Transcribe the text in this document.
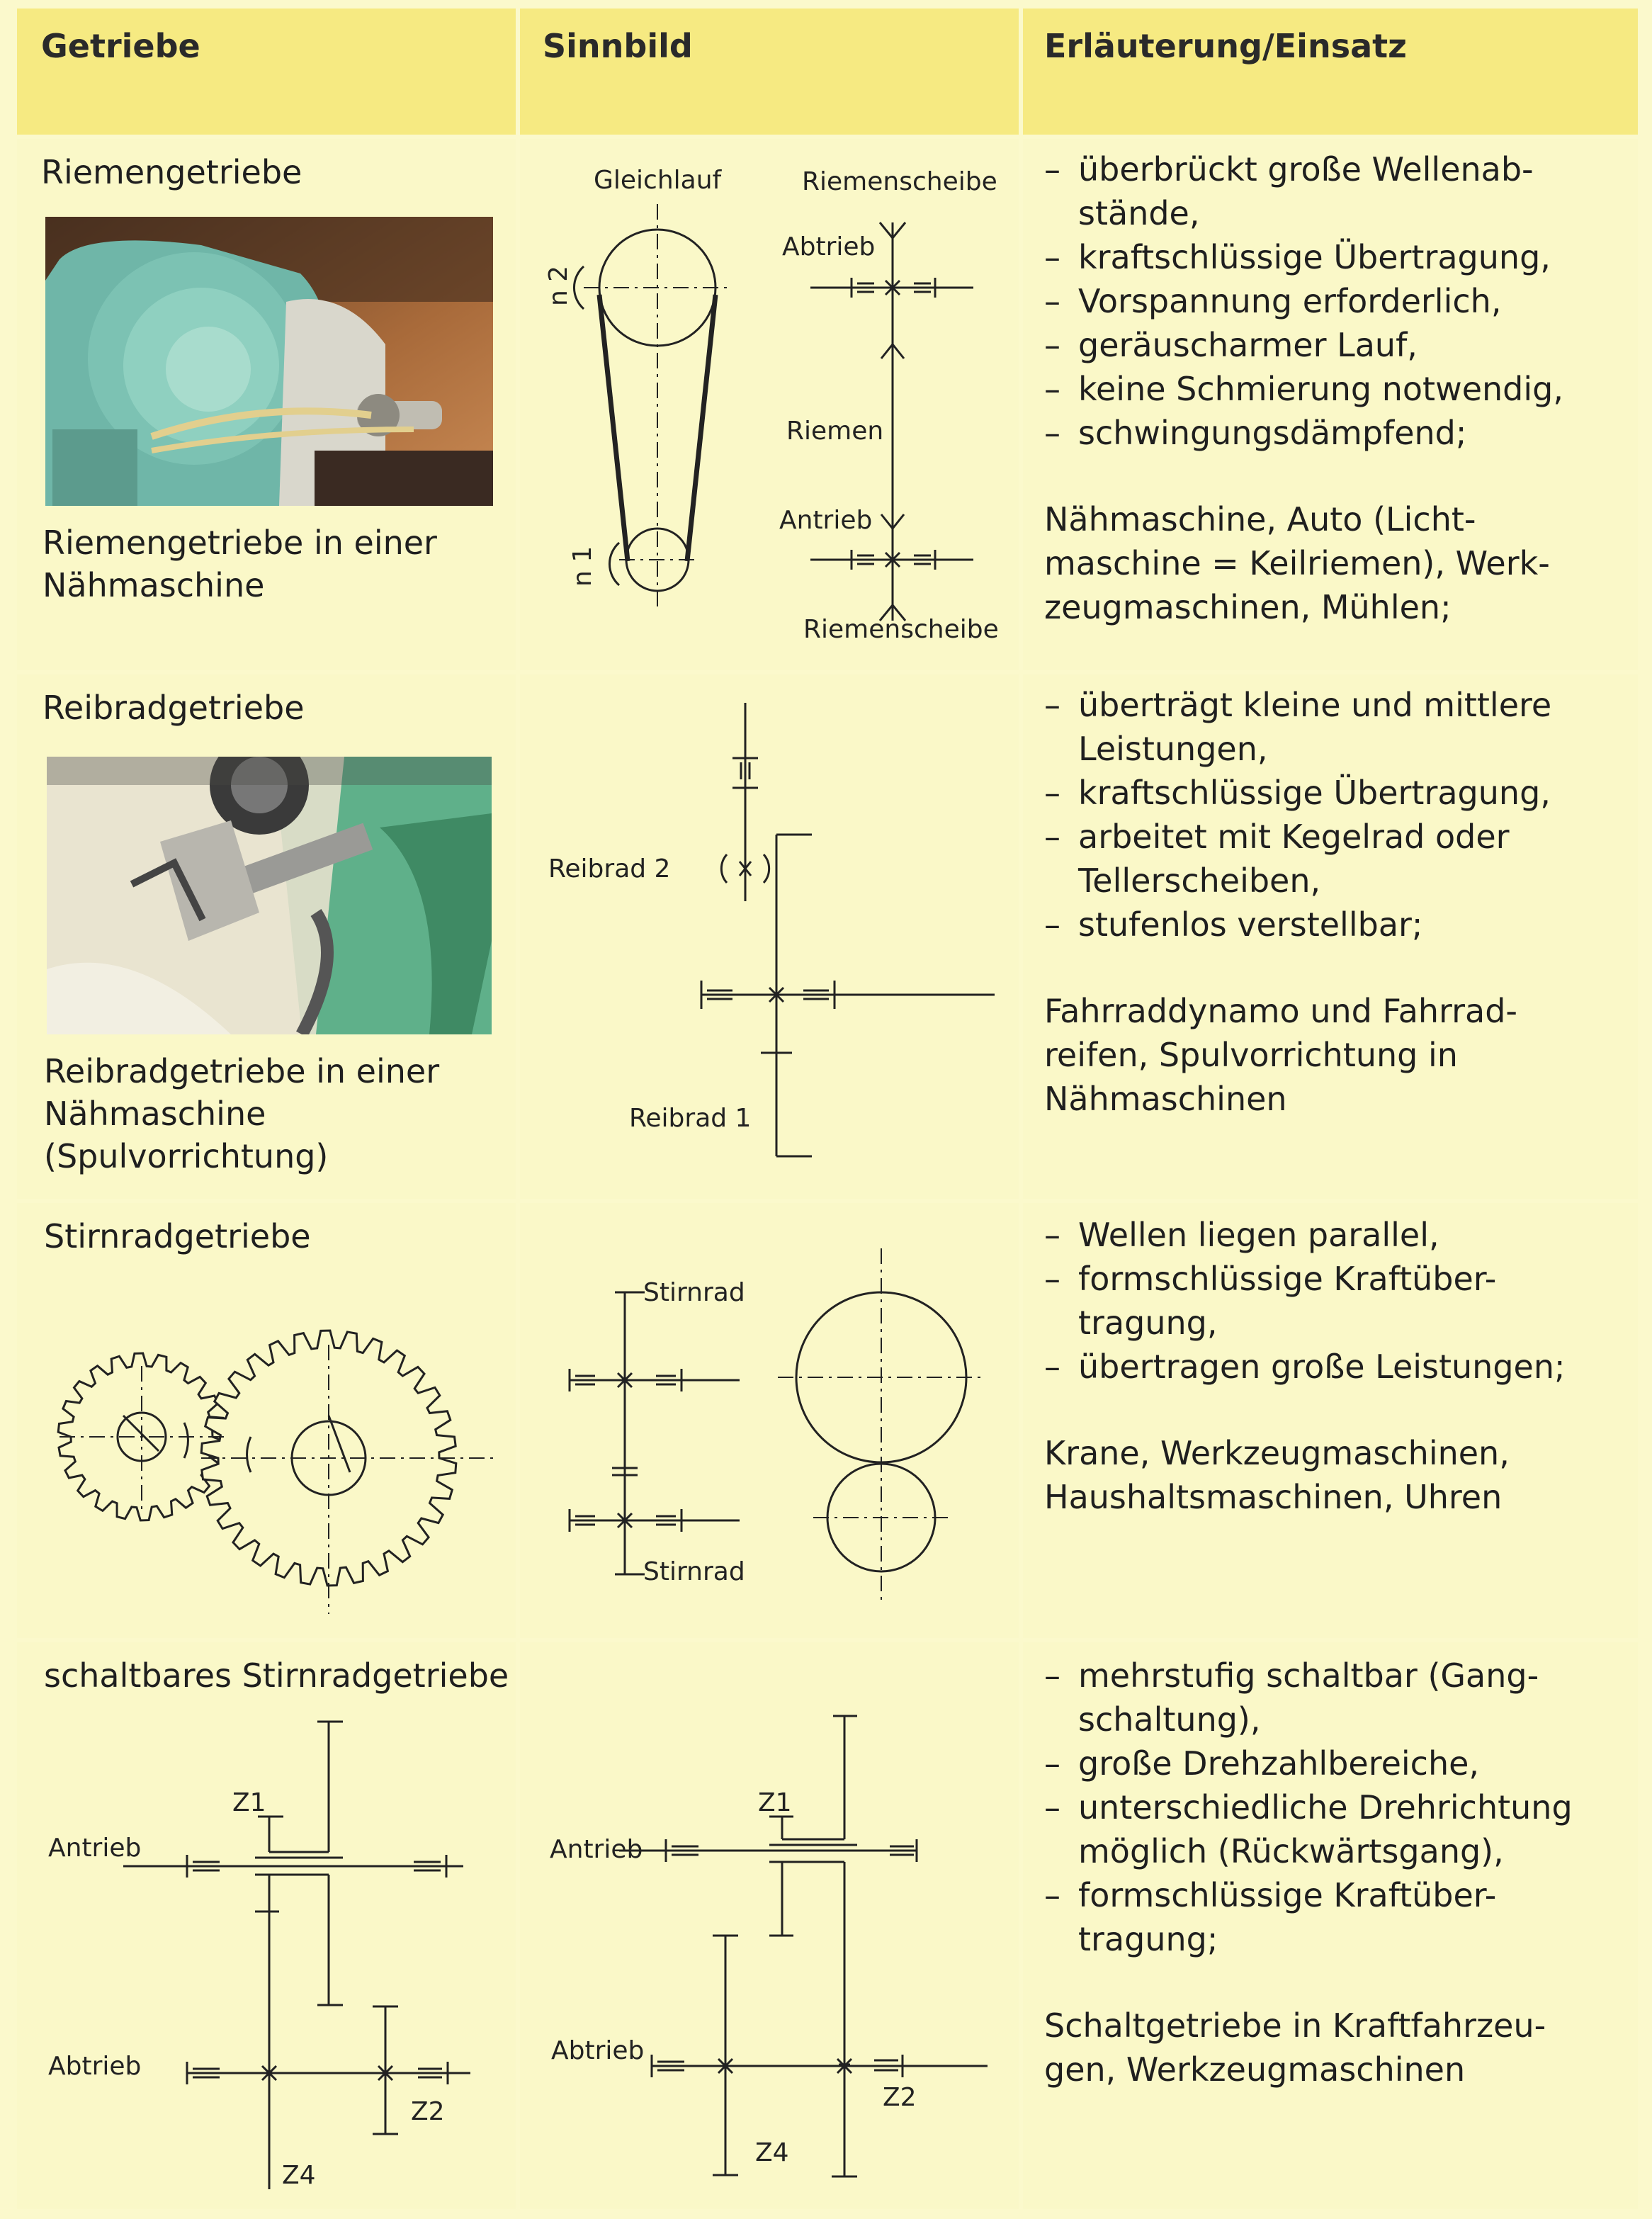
Getriebe	Sinnbild	Erläuterung/Einsatz
Riemengetriebe
Riemengetriebe in einer
Nähmaschine
Gleichlauf
n 2
n 1
Riemenscheibe
Abtrieb
Riemen
Antrieb
Riemenscheibe
– überbrückt große Wellenab-
stände,
– kraftschlüssige Übertragung,
– Vorspannung erforderlich,
– geräuscharmer Lauf,
– keine Schmierung notwendig,
– schwingungsdämpfend;
Nähmaschine, Auto (Licht-
maschine = Keilriemen), Werk-
zeugmaschinen, Mühlen;
Reibradgetriebe
Reibradgetriebe in einer
Nähmaschine
(Spulvorrichtung)
Reibrad 2
Reibrad 1
– überträgt kleine und mittlere
Leistungen,
– kraftschlüssige Übertragung,
– arbeitet mit Kegelrad oder
Tellerscheiben,
– stufenlos verstellbar;
Fahrraddynamo und Fahrrad-
reifen, Spulvorrichtung in
Nähmaschinen
Stirnradgetriebe
Stirnrad
Stirnrad
– Wellen liegen parallel,
– formschlüssige Kraftüber-
tragung,
– übertragen große Leistungen;
Krane, Werkzeugmaschinen,
Haushaltsmaschinen, Uhren
schaltbares Stirnradgetriebe
Z1
Antrieb
Abtrieb
Z2
Z4
Z1
Antrieb
Abtrieb
Z2
Z4
– mehrstufig schaltbar (Gang-
schaltung),
– große Drehzahlbereiche,
– unterschiedliche Drehrichtung
möglich (Rückwärtsgang),
– formschlüssige Kraftüber-
tragung;
Schaltgetriebe in Kraftfahrzeu-
gen, Werkzeugmaschinen
